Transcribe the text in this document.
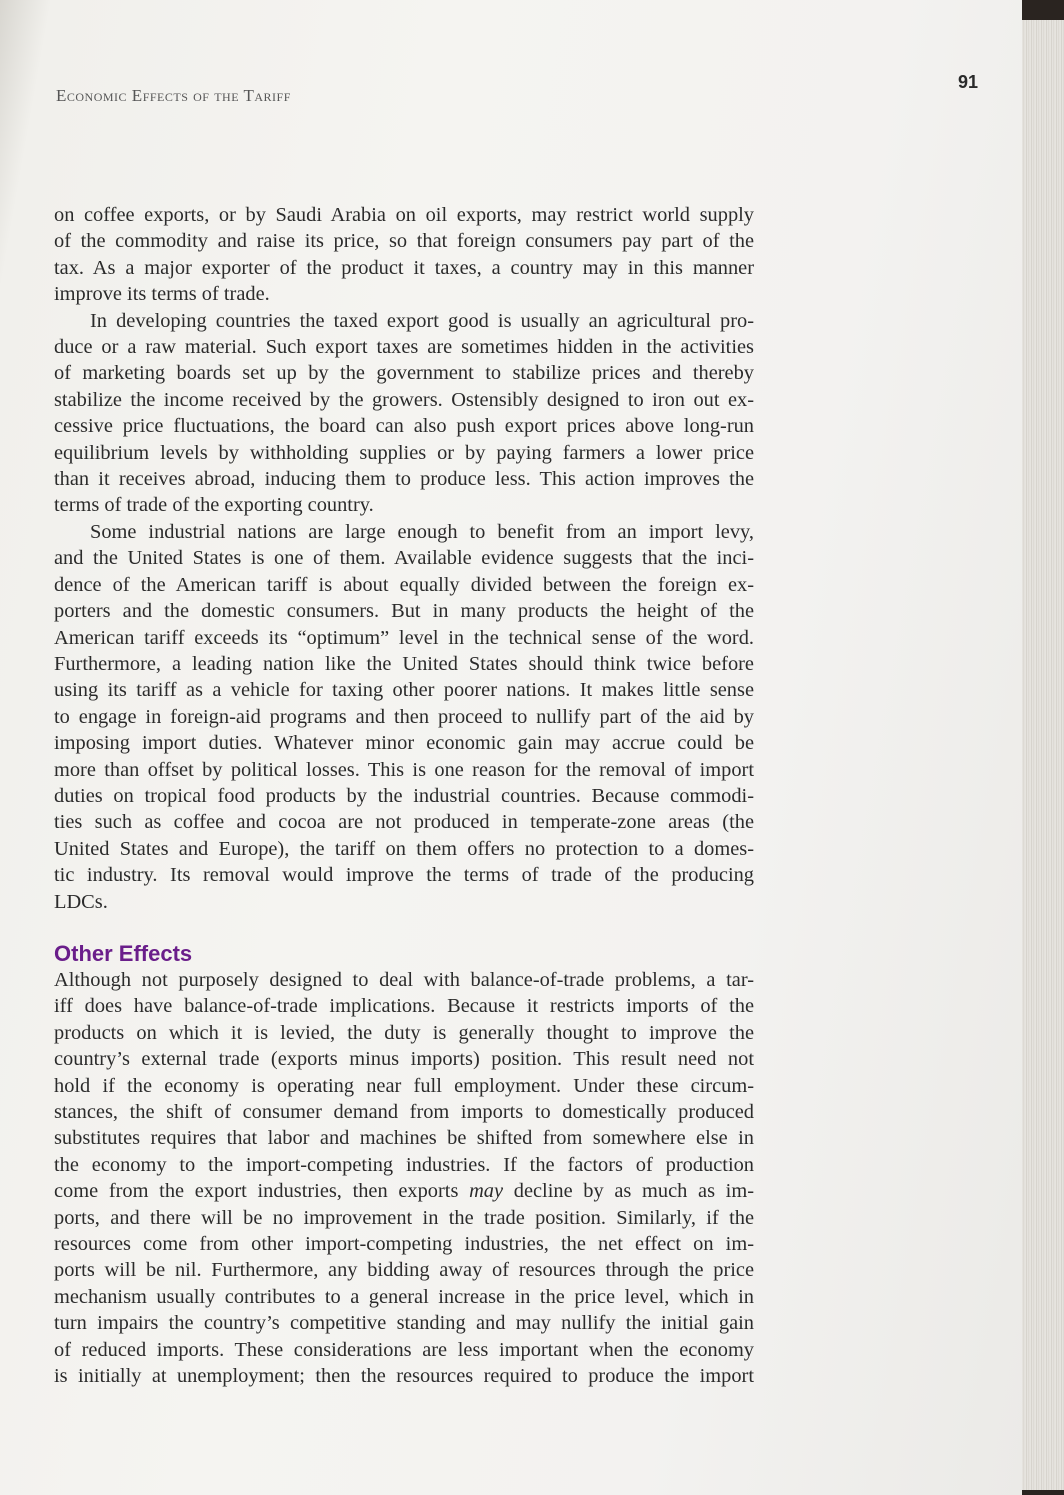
Economic Effects of the Tariff
91

on coffee exports, or by Saudi Arabia on oil exports, may restrict world supply
of the commodity and raise its price, so that foreign consumers pay part of the
tax. As a major exporter of the product it taxes, a country may in this manner
improve its terms of trade.

In developing countries the taxed export good is usually an agricultural pro-
duce or a raw material. Such export taxes are sometimes hidden in the activities
of marketing boards set up by the government to stabilize prices and thereby
stabilize the income received by the growers. Ostensibly designed to iron out ex-
cessive price fluctuations, the board can also push export prices above long-run
equilibrium levels by withholding supplies or by paying farmers a lower price
than it receives abroad, inducing them to produce less. This action improves the
terms of trade of the exporting country.

Some industrial nations are large enough to benefit from an import levy,
and the United States is one of them. Available evidence suggests that the inci-
dence of the American tariff is about equally divided between the foreign ex-
porters and the domestic consumers. But in many products the height of the
American tariff exceeds its “optimum” level in the technical sense of the word.
Furthermore, a leading nation like the United States should think twice before
using its tariff as a vehicle for taxing other poorer nations. It makes little sense
to engage in foreign-aid programs and then proceed to nullify part of the aid by
imposing import duties. Whatever minor economic gain may accrue could be
more than offset by political losses. This is one reason for the removal of import
duties on tropical food products by the industrial countries. Because commodi-
ties such as coffee and cocoa are not produced in temperate-zone areas (the
United States and Europe), the tariff on them offers no protection to a domes-
tic industry. Its removal would improve the terms of trade of the producing
LDCs.

Other Effects

Although not purposely designed to deal with balance-of-trade problems, a tar-
iff does have balance-of-trade implications. Because it restricts imports of the
products on which it is levied, the duty is generally thought to improve the
country’s external trade (exports minus imports) position. This result need not
hold if the economy is operating near full employment. Under these circum-
stances, the shift of consumer demand from imports to domestically produced
substitutes requires that labor and machines be shifted from somewhere else in
the economy to the import-competing industries. If the factors of production
come from the export industries, then exports may decline by as much as im-
ports, and there will be no improvement in the trade position. Similarly, if the
resources come from other import-competing industries, the net effect on im-
ports will be nil. Furthermore, any bidding away of resources through the price
mechanism usually contributes to a general increase in the price level, which in
turn impairs the country’s competitive standing and may nullify the initial gain
of reduced imports. These considerations are less important when the economy
is initially at unemployment; then the resources required to produce the import
